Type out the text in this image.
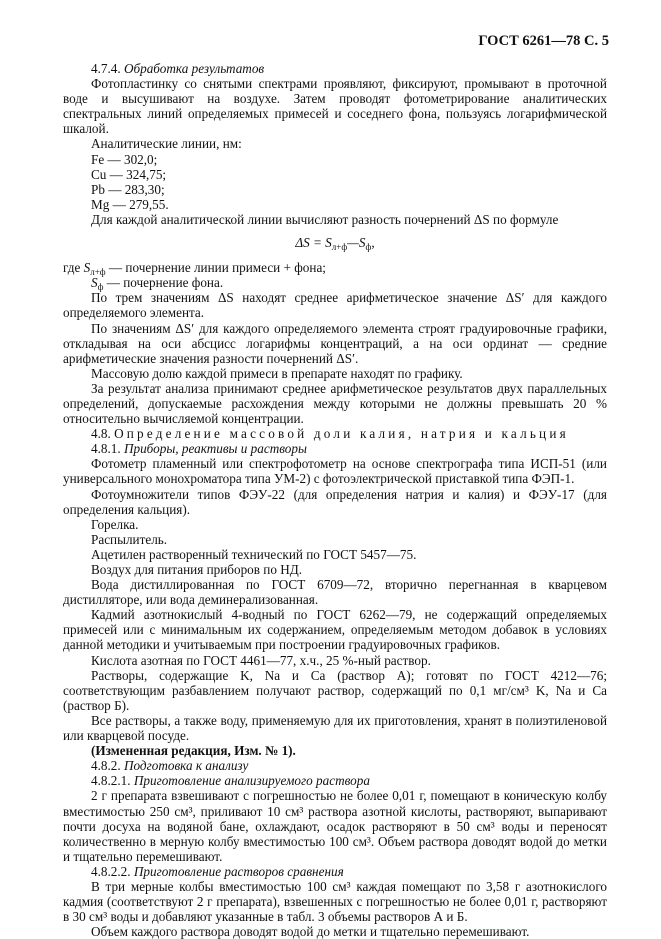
ГОСТ 6261—78 С. 5

4.7.4. Обработка результатов

Фотопластинку со снятыми спектрами проявляют, фиксируют, промывают в проточной воде и высушивают на воздухе. Затем проводят фотометрирование аналитических спектральных линий определяемых примесей и соседнего фона, пользуясь логарифмической шкалой.

Аналитические линии, нм:

Fe — 302,0;

Cu — 324,75;

Pb — 283,30;

Mg — 279,55.

Для каждой аналитической линии вычисляют разность почернений ΔS по формуле

$\Delta S = S_{л+ф}—S_ф$,

где $S_{л+ф}$ — почернение линии примеси + фона;

$S_ф$ — почернение фона.

По трем значениям ΔS находят среднее арифметическое значение ΔS′ для каждого определяемого элемента.

По значениям ΔS′ для каждого определяемого элемента строят градуировочные графики, откладывая на оси абсцисс логарифмы концентраций, а на оси ординат — средние арифметические значения разности почернений ΔS′.

Массовую долю каждой примеси в препарате находят по графику.

За результат анализа принимают среднее арифметическое результатов двух параллельных определений, допускаемые расхождения между которыми не должны превышать 20 % относительно вычисляемой концентрации.

4.8. Определение массовой доли калия, натрия и кальция

4.8.1. Приборы, реактивы и растворы

Фотометр пламенный или спектрофотометр на основе спектрографа типа ИСП-51 (или универсального монохроматора типа УМ-2) с фотоэлектрической приставкой типа ФЭП-1.

Фотоумножители типов ФЭУ-22 (для определения натрия и калия) и ФЭУ-17 (для определения кальция).

Горелка.

Распылитель.

Ацетилен растворенный технический по ГОСТ 5457—75.

Воздух для питания приборов по НД.

Вода дистиллированная по ГОСТ 6709—72, вторично перегнанная в кварцевом дистилляторе, или вода деминерализованная.

Кадмий азотнокислый 4-водный по ГОСТ 6262—79, не содержащий определяемых примесей или с минимальным их содержанием, определяемым методом добавок в условиях данной методики и учитываемым при построении градуировочных графиков.

Кислота азотная по ГОСТ 4461—77, х.ч., 25 %-ный раствор.

Растворы, содержащие K, Na и Ca (раствор А); готовят по ГОСТ 4212—76; соответствующим разбавлением получают раствор, содержащий по 0,1 мг/см³ K, Na и Ca (раствор Б).

Все растворы, а также воду, применяемую для их приготовления, хранят в полиэтиленовой или кварцевой посуде.

(Измененная редакция, Изм. № 1).

4.8.2. Подготовка к анализу

4.8.2.1. Приготовление анализируемого раствора

2 г препарата взвешивают с погрешностью не более 0,01 г, помещают в коническую колбу вместимостью 250 см³, приливают 10 см³ раствора азотной кислоты, растворяют, выпаривают почти досуха на водяной бане, охлаждают, осадок растворяют в 50 см³ воды и переносят количественно в мерную колбу вместимостью 100 см³. Объем раствора доводят водой до метки и тщательно перемешивают.

4.8.2.2. Приготовление растворов сравнения

В три мерные колбы вместимостью 100 см³ каждая помещают по 3,58 г азотнокислого кадмия (соответствуют 2 г препарата), взвешенных с погрешностью не более 0,01 г, растворяют в 30 см³ воды и добавляют указанные в табл. 3 объемы растворов А и Б.

Объем каждого раствора доводят водой до метки и тщательно перемешивают.
